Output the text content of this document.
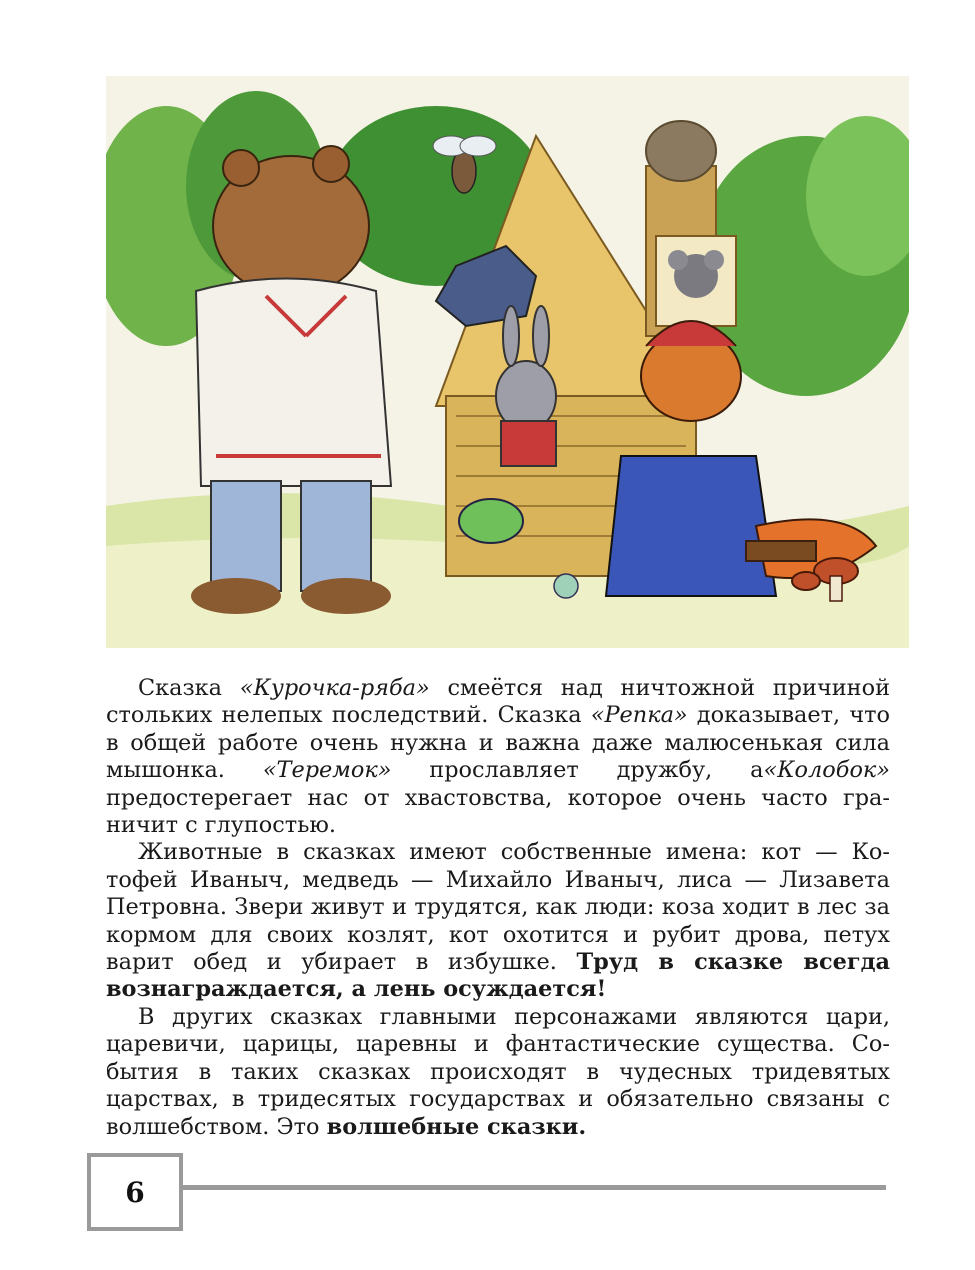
Сказка «Курочка-ряба» смеётся над ничтожной причиной стольких нелепых последствий. Сказка «Репка» доказывает, что в общей работе очень нужна и важна даже малюсенькая сила мышонка. «Теремок» прославляет дружбу, а«Колобок» предостерегает нас от хвастовства, которое очень часто граничит с глупостью.

Животные в сказках имеют собственные имена: кот — Котофей Иваныч, медведь — Михайло Иваныч, лиса — Лизавета Петровна. Звери живут и трудятся, как люди: коза ходит в лес за кормом для своих козлят, кот охотится и рубит дрова, петух варит обед и убирает в избушке. Труд в сказке всегда вознаграждается, а лень осуждается!

В других сказках главными персонажами являются цари, царевичи, царицы, царевны и фантастические существа. События в таких сказках происходят в чудесных тридевятых царствах, в тридесятых государствах и обязательно связаны с волшебством. Это волшебные сказки.

6
